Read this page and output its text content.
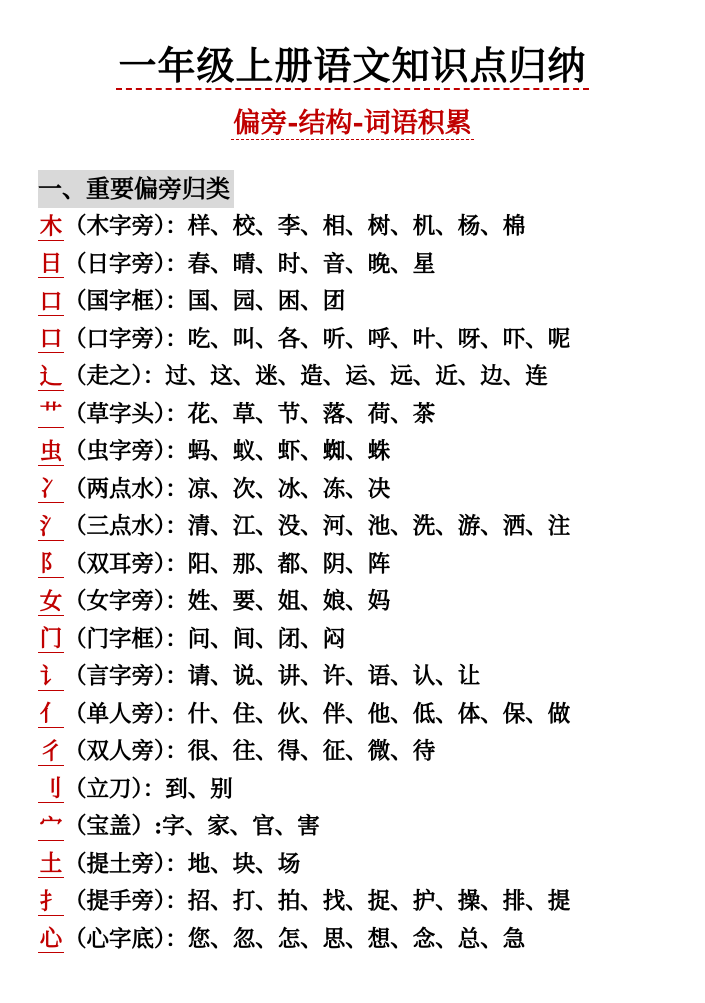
一年级上册语文知识点归纳
偏旁-结构-词语积累
一、重要偏旁归类
木（木字旁）：样、校、李、相、树、机、杨、棉
日（日字旁）：春、晴、时、音、晚、星
口（国字框）：国、园、困、团
口（口字旁）：吃、叫、各、听、呼、叶、呀、吓、呢
辶（走之）：过、这、迷、造、运、远、近、边、连
艹（草字头）：花、草、节、落、荷、茶
虫（虫字旁）：蚂、蚁、虾、蜘、蛛
冫（两点水）：凉、次、冰、冻、决
氵（三点水）：清、江、没、河、池、洗、游、洒、注
阝（双耳旁）：阳、那、都、阴、阵
女（女字旁）：姓、要、姐、娘、妈
门（门字框）：问、间、闭、闷
讠（言字旁）：请、说、讲、许、语、认、让
亻（单人旁）：什、住、伙、伴、他、低、体、保、做
彳（双人旁）：很、往、得、征、微、待
刂（立刀）：到、别
宀（宝盖）:字、家、官、害
土（提土旁）：地、块、场
扌（提手旁）：招、打、拍、找、捉、护、操、排、提
心（心字底）：您、忽、怎、思、想、念、总、急
